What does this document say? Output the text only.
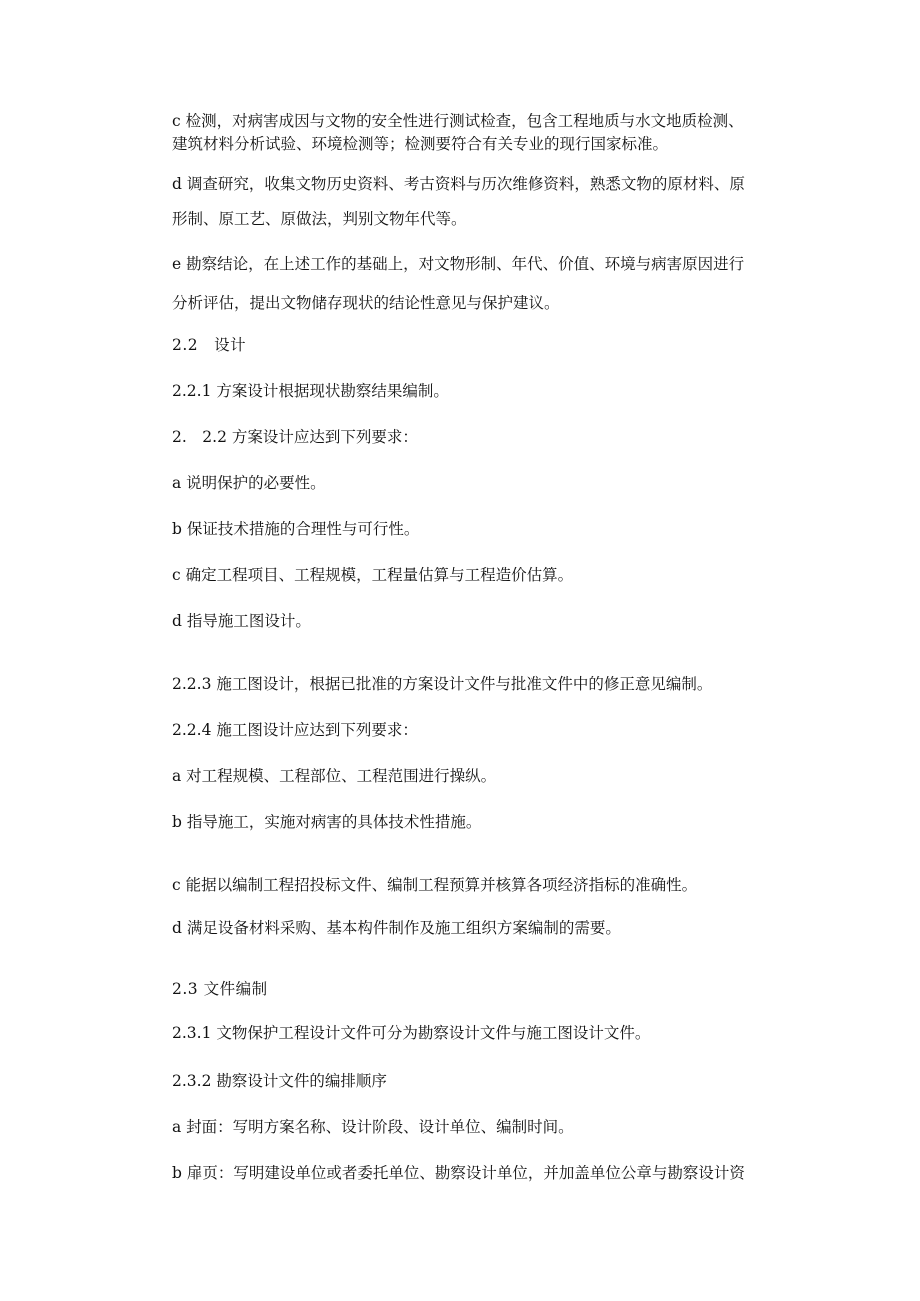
c 检测，对病害成因与文物的安全性进行测试检查，包含工程地质与水文地质检测、
建筑材料分析试验、环境检测等；检测要符合有关专业的现行国家标准。
d 调查研究，收集文物历史资料、考古资料与历次维修资料，熟悉文物的原材料、原
形制、原工艺、原做法，判别文物年代等。
e 勘察结论，在上述工作的基础上，对文物形制、年代、价值、环境与病害原因进行
分析评估，提出文物储存现状的结论性意见与保护建议。
2.2　设计
2.2.1 方案设计根据现状勘察结果编制。
2.　2.2 方案设计应达到下列要求：
a 说明保护的必要性。
b 保证技术措施的合理性与可行性。
c 确定工程项目、工程规模，工程量估算与工程造价估算。
d 指导施工图设计。
2.2.3 施工图设计，根据已批准的方案设计文件与批准文件中的修正意见编制。
2.2.4 施工图设计应达到下列要求：
a 对工程规模、工程部位、工程范围进行操纵。
b 指导施工，实施对病害的具体技术性措施。
c 能据以编制工程招投标文件、编制工程预算并核算各项经济指标的准确性。
d 满足设备材料采购、基本构件制作及施工组织方案编制的需要。
2.3 文件编制
2.3.1 文物保护工程设计文件可分为勘察设计文件与施工图设计文件。
2.3.2 勘察设计文件的编排顺序
a 封面：写明方案名称、设计阶段、设计单位、编制时间。
b 扉页：写明建设单位或者委托单位、勘察设计单位，并加盖单位公章与勘察设计资
